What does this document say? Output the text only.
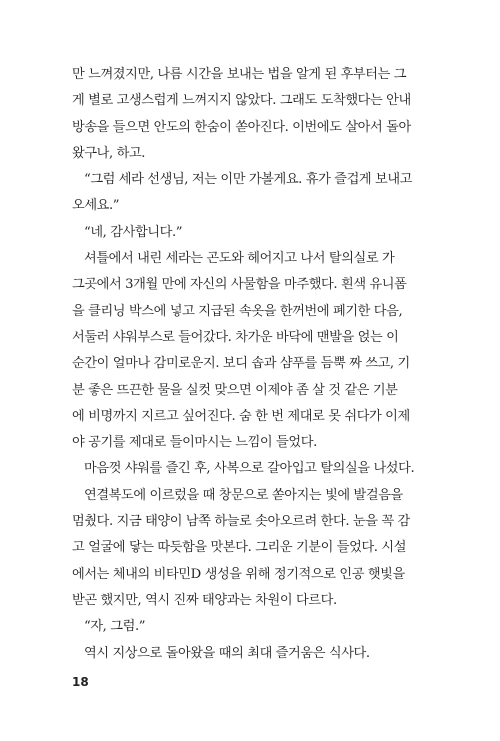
만 느껴졌지만, 나름 시간을 보내는 법을 알게 된 후부터는 그
게 별로 고생스럽게 느껴지지 않았다. 그래도 도착했다는 안내
방송을 들으면 안도의 한숨이 쏟아진다. 이번에도 살아서 돌아
왔구나, 하고.
“그럼 세라 선생님, 저는 이만 가볼게요. 휴가 즐겁게 보내고
오세요.”
“네, 감사합니다.”
셔틀에서 내린 세라는 곤도와 헤어지고 나서 탈의실로 가
그곳에서 3개월 만에 자신의 사물함을 마주했다. 흰색 유니폼
을 클리닝 박스에 넣고 지급된 속옷을 한꺼번에 폐기한 다음,
서둘러 샤워부스로 들어갔다. 차가운 바닥에 맨발을 얹는 이
순간이 얼마나 감미로운지. 보디 솝과 샴푸를 듬뿍 짜 쓰고, 기
분 좋은 뜨끈한 물을 실컷 맞으면 이제야 좀 살 것 같은 기분
에 비명까지 지르고 싶어진다. 숨 한 번 제대로 못 쉬다가 이제
야 공기를 제대로 들이마시는 느낌이 들었다.
마음껏 샤워를 즐긴 후, 사복으로 갈아입고 탈의실을 나섰다.
연결복도에 이르렀을 때 창문으로 쏟아지는 빛에 발걸음을
멈췄다. 지금 태양이 남쪽 하늘로 솟아오르려 한다. 눈을 꼭 감
고 얼굴에 닿는 따듯함을 맛본다. 그리운 기분이 들었다. 시설
에서는 체내의 비타민D 생성을 위해 정기적으로 인공 햇빛을
받곤 했지만, 역시 진짜 태양과는 차원이 다르다.
“자, 그럼.”
역시 지상으로 돌아왔을 때의 최대 즐거움은 식사다.
18
